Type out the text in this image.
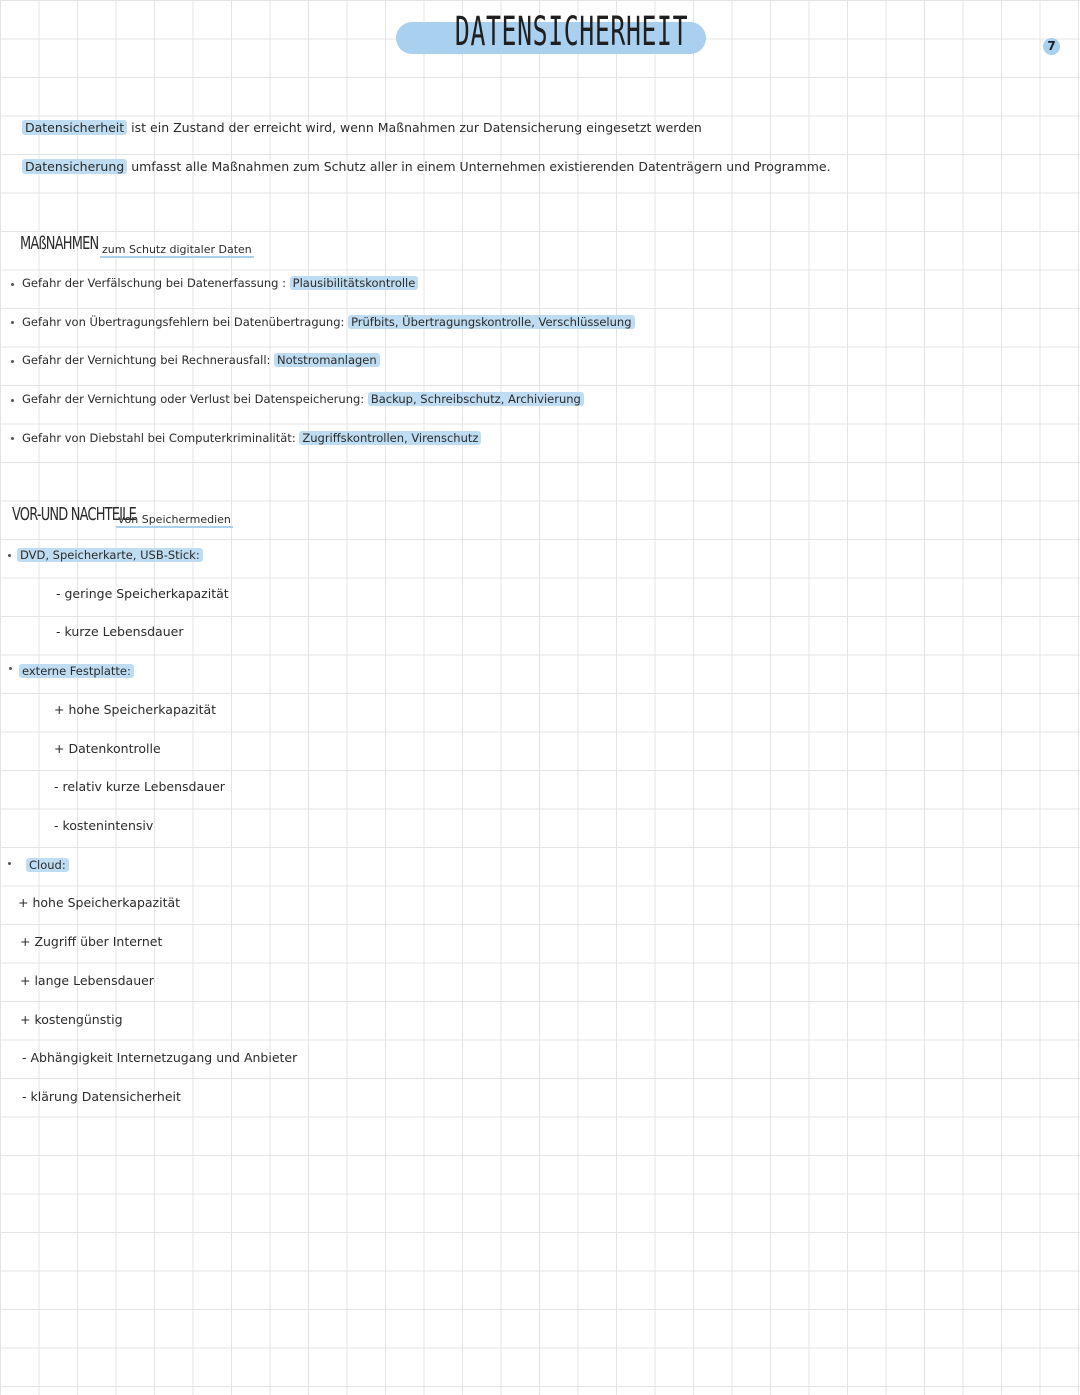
DATENSICHERHEIT	7
Datensicherheit ist ein Zustand der erreicht wird, wenn Maßnahmen zur Datensicherung eingesetzt werden
Datensicherung umfasst alle Maßnahmen zum Schutz aller in einem Unternehmen existierenden Datenträgern und Programme.
MAßNAHMEN zum Schutz digitaler Daten
Gefahr der Verfälschung bei Datenerfassung : Plausibilitätskontrolle
Gefahr von Übertragungsfehlern bei Datenübertragung: Prüfbits, Übertragungskontrolle, Verschlüsselung
Gefahr der Vernichtung bei Rechnerausfall: Notstromanlagen
Gefahr der Vernichtung oder Verlust bei Datenspeicherung: Backup, Schreibschutz, Archivierung
Gefahr von Diebstahl bei Computerkriminalität: Zugriffskontrollen, Virenschutz
VOR-UND NACHTEILE
von Speichermedien
DVD, Speicherkarte, USB-Stick:
- geringe Speicherkapazität
- kurze Lebensdauer
externe Festplatte:
+ hohe Speicherkapazität
+ Datenkontrolle
- relativ kurze Lebensdauer
- kostenintensiv
Cloud:
+ hohe Speicherkapazität
+ Zugriff über Internet
+ lange Lebensdauer
+ kostengünstig
- Abhängigkeit Internetzugang und Anbieter
- klärung Datensicherheit
